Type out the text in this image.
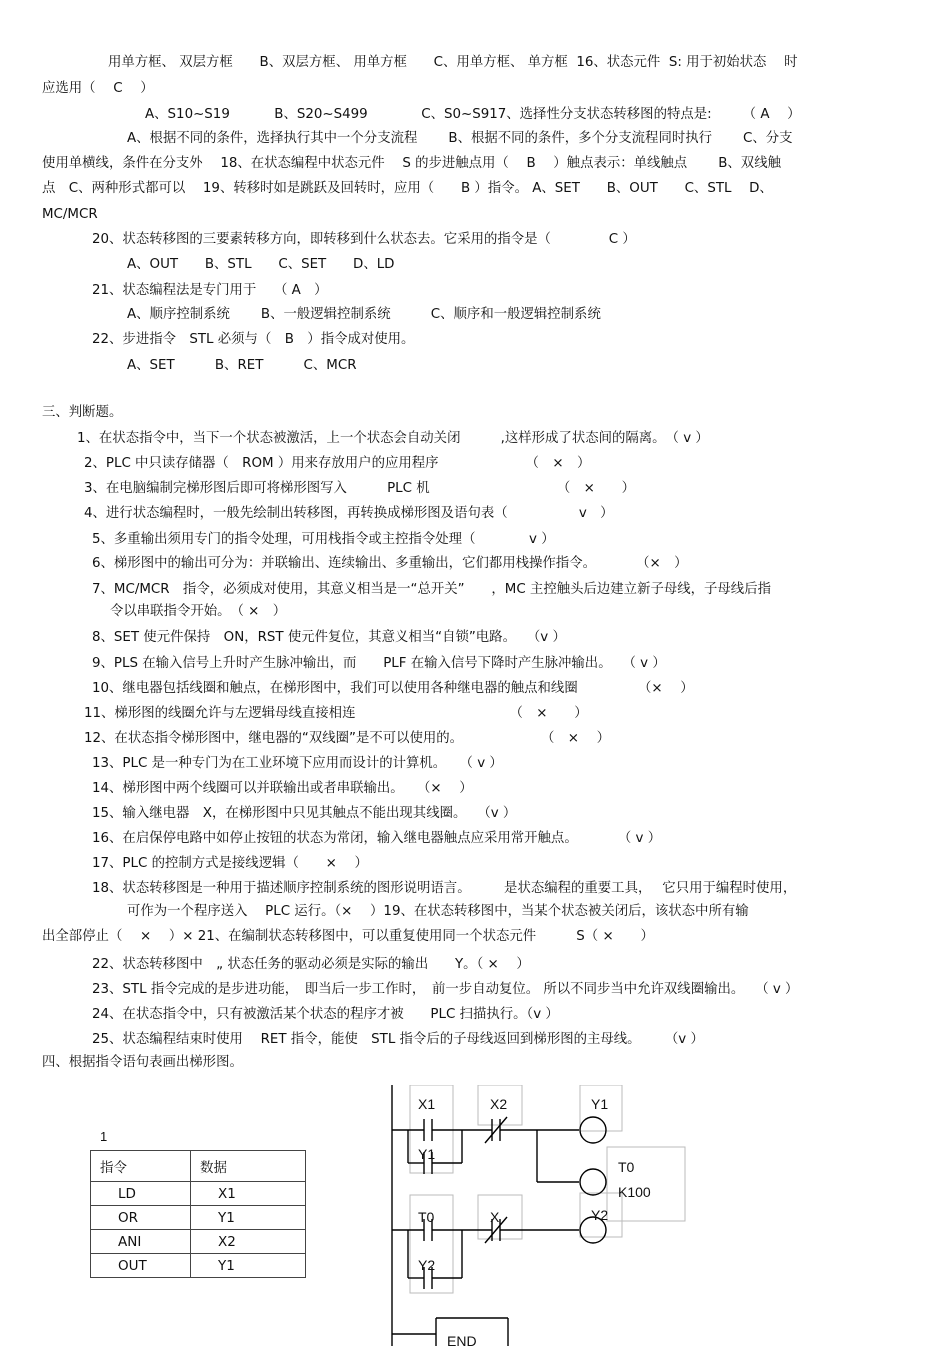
用单方框、 双层方框　　B、双层方框、 用单方框　　C、用单方框、 单方框  16、状态元件  S: 用于初始状态　 时
应选用（　 C　 ）
A、S10~S19　　　 B、S20~S499　　　　C、S0~S917、选择性分支状态转移图的特点是:　　 （ A　 ）
A、根据不同的条件，选择执行其中一个分支流程　　 B、根据不同的条件，多个分支流程同时执行　　 C、分支
使用单横线，条件在分支外　 18、在状态编程中状态元件　 S 的步进触点用（　 B　 ）触点表示：单线触点　　 B、双线触
点　C、两种形式都可以　 19、转移时如是跳跃及回转时，应用（　　B ）指令。 A、SET　　B、OUT　　C、STL　 D、
MC/MCR
20、状态转移图的三要素转移方向，即转移到什么状态去。它采用的指令是（　　　　 C ）
A、OUT　　B、STL　　C、SET　　D、LD
21、状态编程法是专门用于　 （ A　）
A、顺序控制系统　　 B、一般逻辑控制系统　　　C、顺序和一般逻辑控制系统
22、步进指令　STL 必须与（　B　）指令成对使用。
A、SET　　　B、RET　　　C、MCR
三、判断题。
1、在状态指令中，当下一个状态被激活，上一个状态会自动关闭　　　,这样形成了状态间的隔离。　（ v ）
2、PLC 中只读存储器（　ROM ）用来存放用户的应用程序　　　　　　　（　×　）
3、在电脑编制完梯形图后即可将梯形图写入　　　PLC 机　　　　　　　　　　（　×　　）
4、进行状态编程时，一般先绘制出转移图，再转换成梯形图及语句表（　　　　　 v　）
5、多重输出须用专门的指令处理，可用栈指令或主控指令处理（　　　　v ）
6、梯形图中的输出可分为：并联输出、连续输出、多重输出，它们都用栈操作指令。　　　　（×　）
7、MC/MCR　指令，必须成对使用，其意义相当是一“总开关”　　，MC 主控触头后边建立新子母线，子母线后指
令以串联指令开始。　（ ×　）
8、SET 使元件保持　ON，RST 使元件复位，其意义相当“自锁”电路。　 （v ）
9、PLS 在输入信号上升时产生脉冲输出，而　　PLF 在输入信号下降时产生脉冲输出。　 （ v ）
10、继电器包括线圈和触点，在梯形图中，我们可以使用各种继电器的触点和线圈　　　　　（×　 ）
11、梯形图的线圈允许与左逻辑母线直接相连　　　　　　　　　　　　（　×　　）
12、在状态指令梯形图中，继电器的“双线圈”是不可以使用的。　　　　　　 （　×　 ）
13、PLC 是一种专门为在工业环境下应用而设计的计算机。　　（ v ）
14、梯形图中两个线圈可以并联输出或者串联输出。　　（×　 ）
15、输入继电器　X，在梯形图中只见其触点不能出现其线圈。　 （v ）
16、在启保停电路中如停止按钮的状态为常闭，输入继电器触点应采用常开触点。　　　　（ v ）
17、PLC 的控制方式是接线逻辑（　　×　 ）
18、状态转移图是一种用于描述顺序控制系统的图形说明语言。　　　是状态编程的重要工具，　 它只用于编程时使用，
可作为一个程序送入　 PLC 运行。（×　 ）19、在状态转移图中，当某个状态被关闭后，该状态中所有输
出全部停止（　 ×　 ）× 21、在编制状态转移图中，可以重复使用同一个状态元件　　　S（ ×　　）
22、状态转移图中　„ 状态任务的驱动必须是实际的输出　　Y。（ ×　 ）
23、STL 指令完成的是步进功能，　即当后一步工作时，　前一步自动复位。 所以不同步当中允许双线圈输出。　 （ v ）
24、在状态指令中，只有被激活某个状态的程序才被　　PLC 扫描执行。（v ）
25、状态编程结束时使用　 RET 指令，能使　STL 指令后的子母线返回到梯形图的主母线。　　 （v ）
四、根据指令语句表画出梯形图。
1
指令	数据
LD	X1
OR	Y1
ANI	X2
OUT	Y1
X1	X2	Y1
Y1
T0
K100
T0	X	Y2
Y2
END
